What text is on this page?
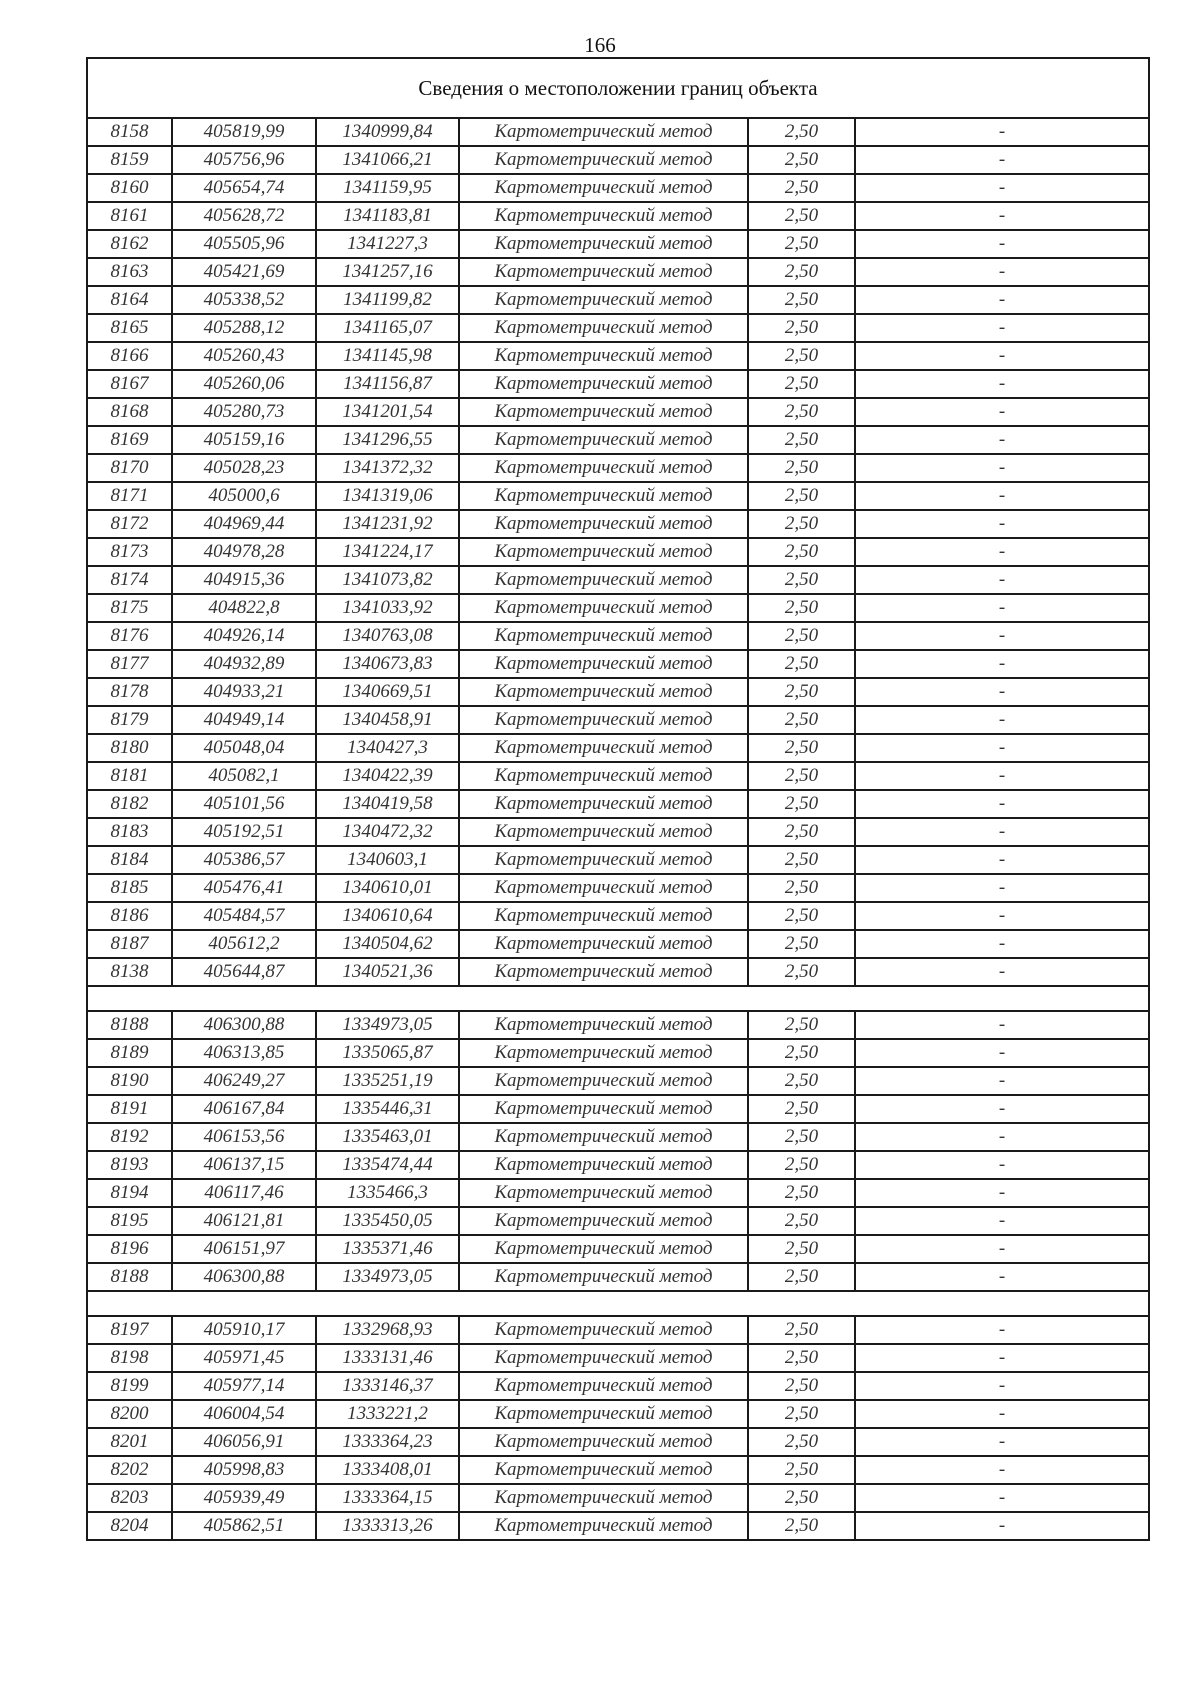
166
Сведения о местоположении границ объекта					
8158	405819,99	1340999,84	Картометрический метод	2,50	-
8159	405756,96	1341066,21	Картометрический метод	2,50	-
8160	405654,74	1341159,95	Картометрический метод	2,50	-
8161	405628,72	1341183,81	Картометрический метод	2,50	-
8162	405505,96	1341227,3	Картометрический метод	2,50	-
8163	405421,69	1341257,16	Картометрический метод	2,50	-
8164	405338,52	1341199,82	Картометрический метод	2,50	-
8165	405288,12	1341165,07	Картометрический метод	2,50	-
8166	405260,43	1341145,98	Картометрический метод	2,50	-
8167	405260,06	1341156,87	Картометрический метод	2,50	-
8168	405280,73	1341201,54	Картометрический метод	2,50	-
8169	405159,16	1341296,55	Картометрический метод	2,50	-
8170	405028,23	1341372,32	Картометрический метод	2,50	-
8171	405000,6	1341319,06	Картометрический метод	2,50	-
8172	404969,44	1341231,92	Картометрический метод	2,50	-
8173	404978,28	1341224,17	Картометрический метод	2,50	-
8174	404915,36	1341073,82	Картометрический метод	2,50	-
8175	404822,8	1341033,92	Картометрический метод	2,50	-
8176	404926,14	1340763,08	Картометрический метод	2,50	-
8177	404932,89	1340673,83	Картометрический метод	2,50	-
8178	404933,21	1340669,51	Картометрический метод	2,50	-
8179	404949,14	1340458,91	Картометрический метод	2,50	-
8180	405048,04	1340427,3	Картометрический метод	2,50	-
8181	405082,1	1340422,39	Картометрический метод	2,50	-
8182	405101,56	1340419,58	Картометрический метод	2,50	-
8183	405192,51	1340472,32	Картометрический метод	2,50	-
8184	405386,57	1340603,1	Картометрический метод	2,50	-
8185	405476,41	1340610,01	Картометрический метод	2,50	-
8186	405484,57	1340610,64	Картометрический метод	2,50	-
8187	405612,2	1340504,62	Картометрический метод	2,50	-
8138	405644,87	1340521,36	Картометрический метод	2,50	-

8188	406300,88	1334973,05	Картометрический метод	2,50	-
8189	406313,85	1335065,87	Картометрический метод	2,50	-
8190	406249,27	1335251,19	Картометрический метод	2,50	-
8191	406167,84	1335446,31	Картометрический метод	2,50	-
8192	406153,56	1335463,01	Картометрический метод	2,50	-
8193	406137,15	1335474,44	Картометрический метод	2,50	-
8194	406117,46	1335466,3	Картометрический метод	2,50	-
8195	406121,81	1335450,05	Картометрический метод	2,50	-
8196	406151,97	1335371,46	Картометрический метод	2,50	-
8188	406300,88	1334973,05	Картометрический метод	2,50	-

8197	405910,17	1332968,93	Картометрический метод	2,50	-
8198	405971,45	1333131,46	Картометрический метод	2,50	-
8199	405977,14	1333146,37	Картометрический метод	2,50	-
8200	406004,54	1333221,2	Картометрический метод	2,50	-
8201	406056,91	1333364,23	Картометрический метод	2,50	-
8202	405998,83	1333408,01	Картометрический метод	2,50	-
8203	405939,49	1333364,15	Картометрический метод	2,50	-
8204	405862,51	1333313,26	Картометрический метод	2,50	-
